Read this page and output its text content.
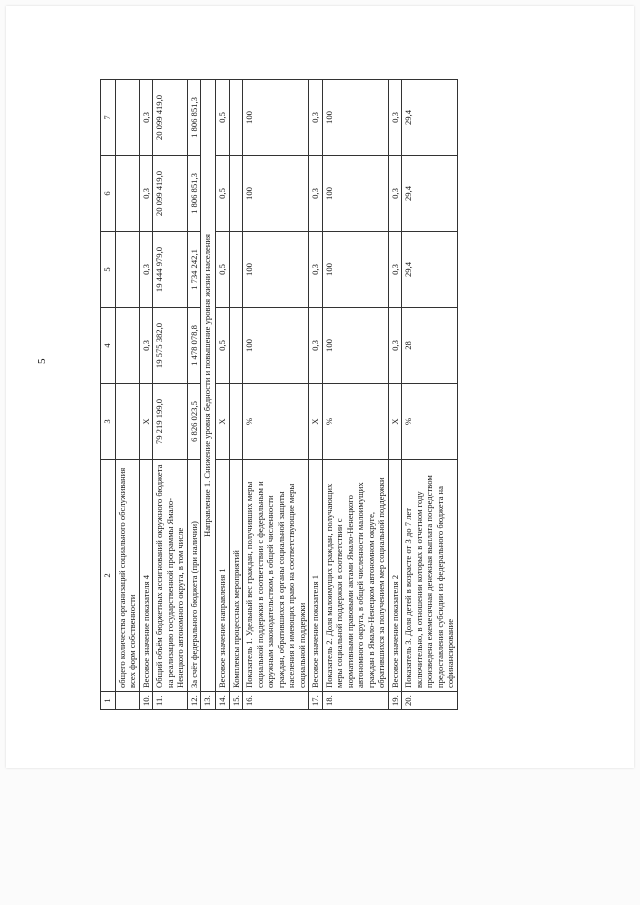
5
1	2	3	4	5	6	7
	общего количества организаций социального обслуживания всех форм собственности					
10.	Весовое значение показателя 4	X	0,3	0,3	0,3	0,3
11.	Общий объём бюджетных ассигнований окружного бюджета на реализацию государственной программы Ямало-Ненецкого автономного округа, в том числе	79 219 199,0	19 575 382,0	19 444 979,0	20 099 419,0	20 099 419,0
12.	За счёт федерального бюджета (при наличии)	6 826 023,5	1 478 078,8	1 734 242,1	1 806 851,3	1 806 851,3
13.	Направление 1. Снижение уровня бедности и повышение уровня жизни населения					
14.	Весовое значение направления 1	X	0,5	0,5	0,5	0,5
15.	Комплексы процессных мероприятий					
16.	Показатель 1. Удельный вес граждан, получивших меры социальной поддержки в соответствии с федеральным и окружным законодательством, в общей численности граждан, обратившихся в органы социальной защиты населения и имеющих право на соответствующие меры социальной поддержки	%	100	100	100	100
17.	Весовое значение показателя 1	X	0,3	0,3	0,3	0,3
18.	Показатель 2. Доля малоимущих граждан, получающих меры социальной поддержки в соответствии с нормативными правовыми актами Ямало-Ненецкого автономного округа, в общей численности малоимущих граждан в Ямало-Ненецком автономном округе, обратившихся за получением мер социальной поддержки	%	100	100	100	100
19.	Весовое значение показателя 2	X	0,3	0,3	0,3	0,3
20.	Показатель 3. Доля детей в возрасте от 3 до 7 лет включительно, в отношении которых в отчетном году произведена ежемесячная денежная выплата посредством предоставления субсидии из федерального бюджета на софинансирование	%	28	29,4	29,4	29,4
